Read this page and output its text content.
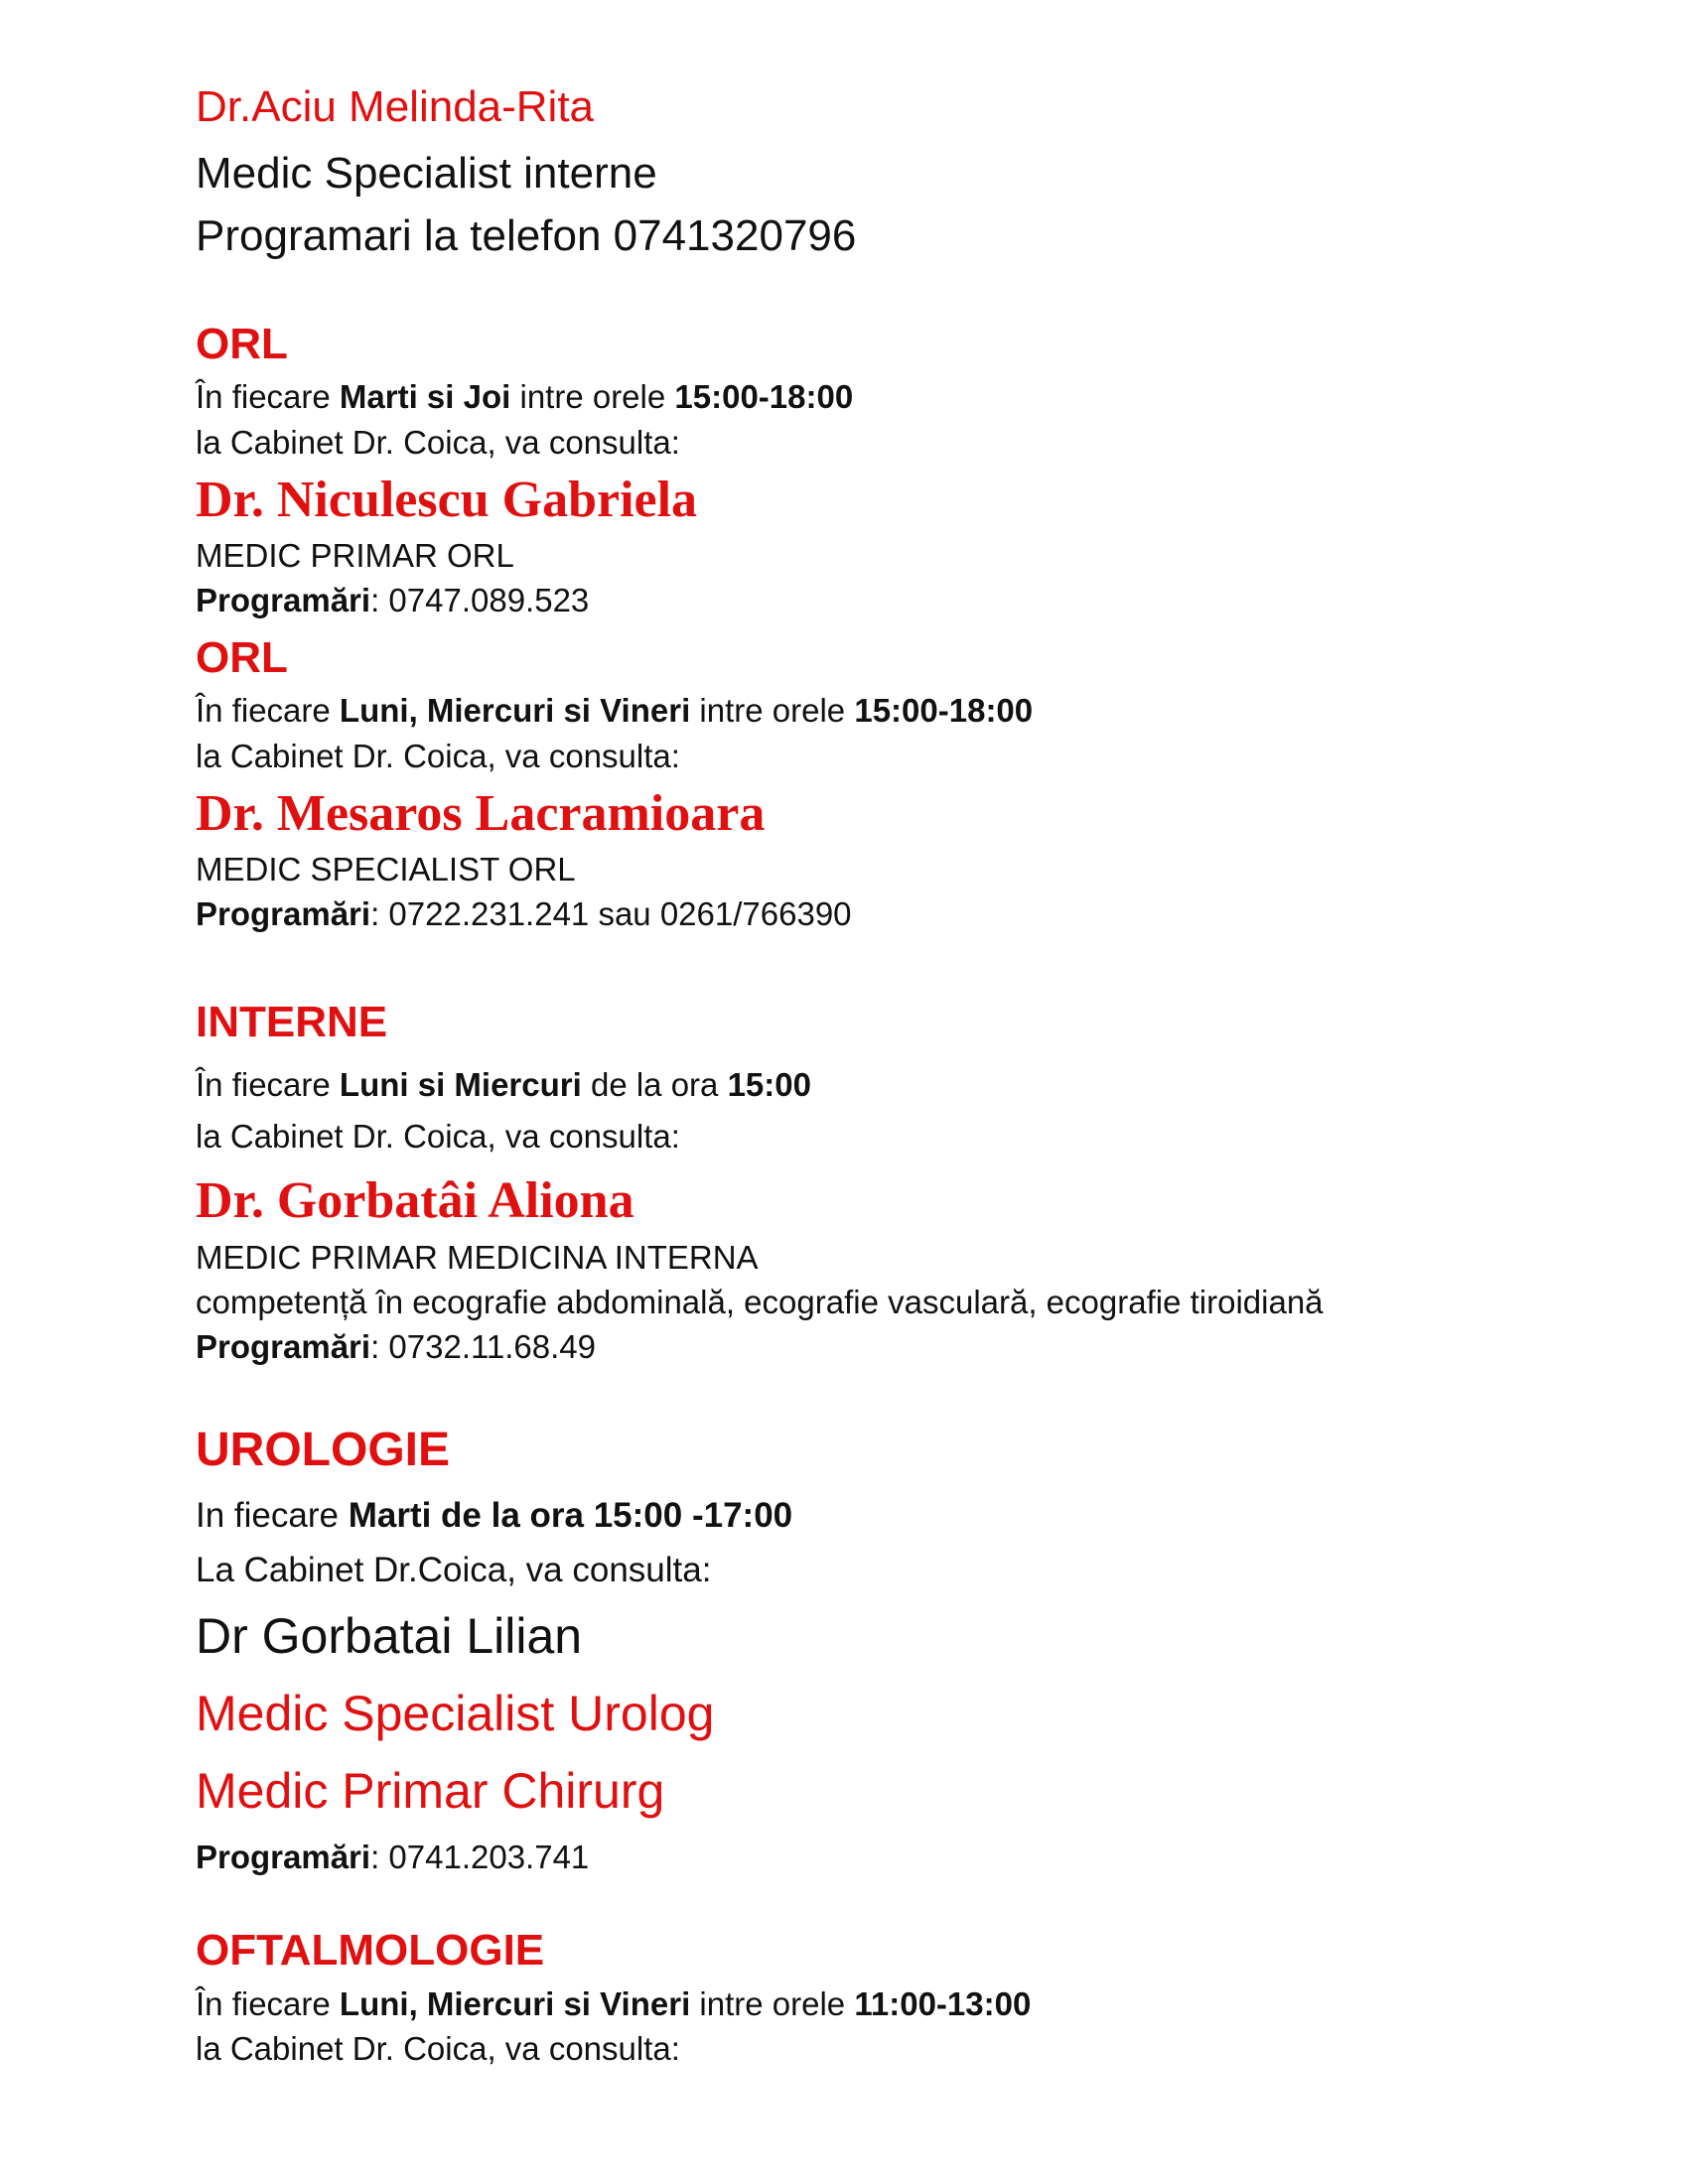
Dr.Aciu Melinda-Rita
Medic Specialist interne
Programari la telefon 0741320796
ORL
În fiecare Marti si Joi intre orele 15:00-18:00
la Cabinet Dr. Coica, va consulta:
Dr. Niculescu Gabriela
MEDIC PRIMAR ORL
Programări: 0747.089.523
ORL
În fiecare Luni, Miercuri si Vineri intre orele 15:00-18:00
la Cabinet Dr. Coica, va consulta:
Dr. Mesaros Lacramioara
MEDIC SPECIALIST ORL
Programări: 0722.231.241 sau 0261/766390
INTERNE
În fiecare Luni si Miercuri de la ora 15:00
la Cabinet Dr. Coica, va consulta:
Dr. Gorbatâi Aliona
MEDIC PRIMAR MEDICINA INTERNA
competență în ecografie abdominală, ecografie vasculară, ecografie tiroidiană
Programări: 0732.11.68.49
UROLOGIE
In fiecare Marti de la ora 15:00 -17:00
La Cabinet Dr.Coica, va consulta:
Dr Gorbatai Lilian
Medic Specialist Urolog
Medic Primar Chirurg
Programări: 0741.203.741
OFTALMOLOGIE
În fiecare Luni, Miercuri si Vineri intre orele 11:00-13:00
la Cabinet Dr. Coica, va consulta:
